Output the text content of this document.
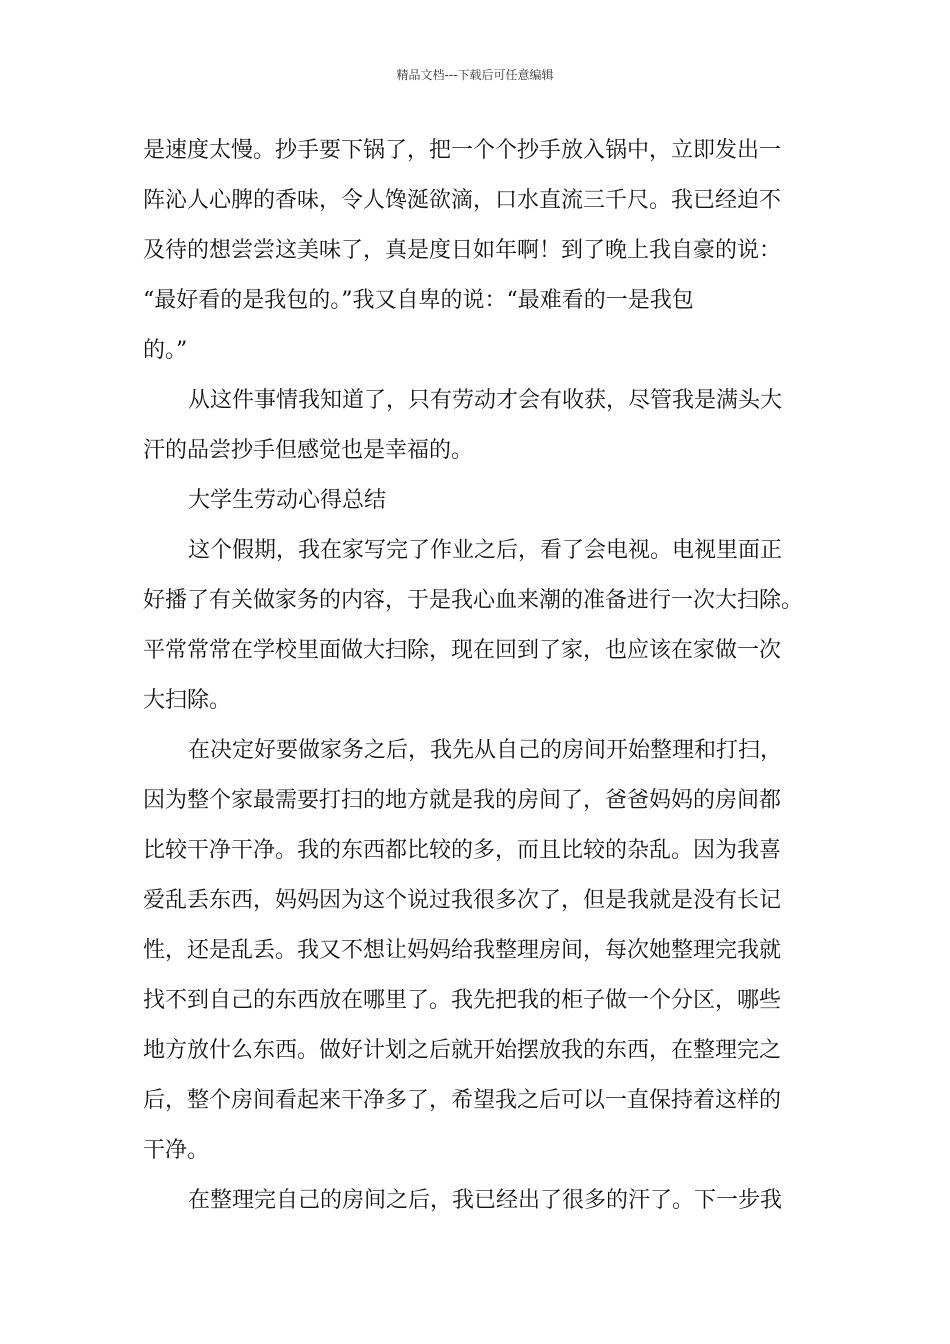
精品文档---下载后可任意编辑
是速度太慢。抄手要下锅了，把一个个抄手放入锅中，立即发出一
阵沁人心脾的香味，令人馋涎欲滴，口水直流三千尺。我已经迫不
及待的想尝尝这美味了，真是度日如年啊！到了晚上我自豪的说：
“最好看的是我包的。”我又自卑的说：“最难看的一是我包
的。”
从这件事情我知道了，只有劳动才会有收获，尽管我是满头大
汗的品尝抄手但感觉也是幸福的。
大学生劳动心得总结
这个假期，我在家写完了作业之后，看了会电视。电视里面正
好播了有关做家务的内容，于是我心血来潮的准备进行一次大扫除。
平常常常在学校里面做大扫除，现在回到了家，也应该在家做一次
大扫除。
在决定好要做家务之后，我先从自己的房间开始整理和打扫，
因为整个家最需要打扫的地方就是我的房间了，爸爸妈妈的房间都
比较干净干净。我的东西都比较的多，而且比较的杂乱。因为我喜
爱乱丢东西，妈妈因为这个说过我很多次了，但是我就是没有长记
性，还是乱丢。我又不想让妈妈给我整理房间，每次她整理完我就
找不到自己的东西放在哪里了。我先把我的柜子做一个分区，哪些
地方放什么东西。做好计划之后就开始摆放我的东西，在整理完之
后，整个房间看起来干净多了，希望我之后可以一直保持着这样的
干净。
在整理完自己的房间之后，我已经出了很多的汗了。下一步我
